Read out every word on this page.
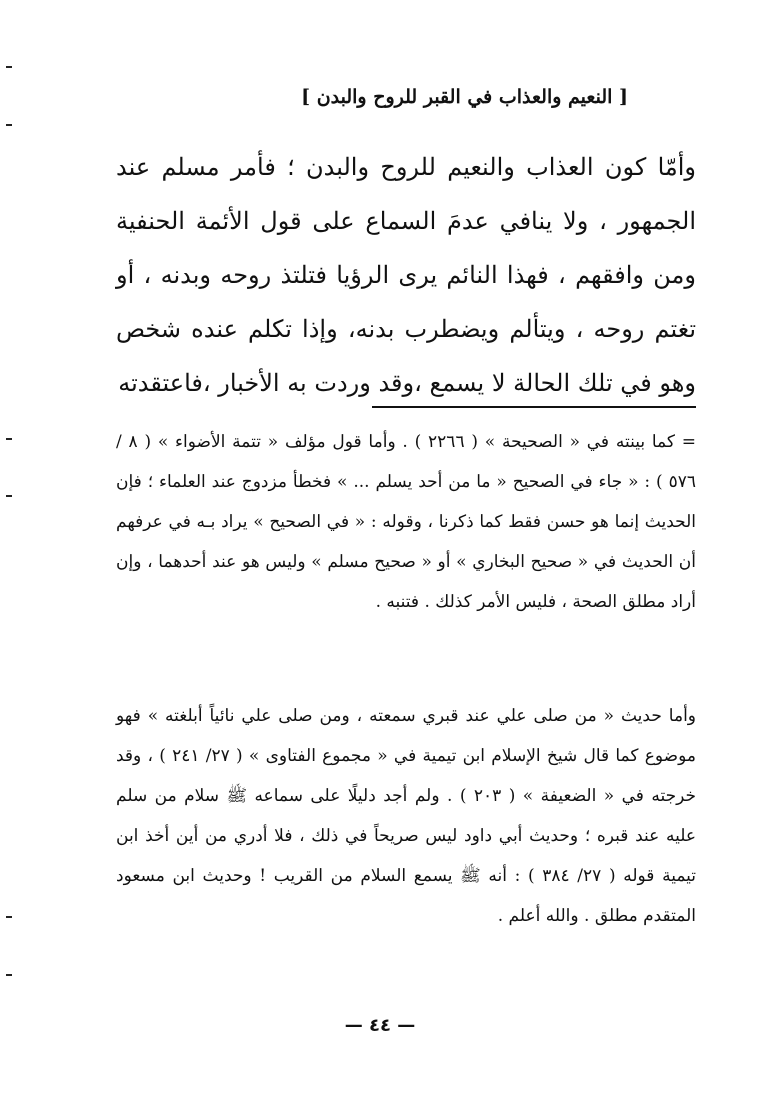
[ النعيم والعذاب في القبر للروح والبدن ]

وأمّا كون العذاب والنعيم للروح والبدن ؛ فأمر مسلم عند الجمهور ، ولا ينافي عدمَ السماع على قول الأئمة الحنفية ومن وافقهم ، فهذا النائم يرى الرؤيا فتلتذ روحه وبدنه ، أو تغتم روحه ، ويتألم ويضطرب بدنه، وإذا تكلم عنده شخص وهو في تلك الحالة لا يسمع ،وقد وردت به الأخبار ،فاعتقدته

= كما بينته في « الصحيحة » ( ٢٢٦٦ ) . وأما قول مؤلف « تتمة الأضواء » ( ٨ / ٥٧٦ ) : « جاء في الصحيح « ما من أحد يسلم ... » فخطأ مزدوج عند العلماء ؛ فإن الحديث إنما هو حسن فقط كما ذكرنا ، وقوله : « في الصحيح » يراد بـه في عرفهم أن الحديث في « صحيح البخاري » أو « صحيح مسلم » وليس هو عند أحدهما ، وإن أراد مطلق الصحة ، فليس الأمر كذلك . فتنبه .

وأما حديث « من صلى علي عند قبري سمعته ، ومن صلى علي نائياً أبلغته » فهو موضوع كما قال شيخ الإسلام ابن تيمية في « مجموع الفتاوى » ( ٢٧/ ٢٤١ ) ، وقد خرجته في « الضعيفة » ( ٢٠٣ ) . ولم أجد دليلًا على سماعه ﷺ سلام من سلم عليه عند قبره ؛ وحديث أبي داود ليس صريحاً في ذلك ، فلا أدري من أين أخذ ابن تيمية قوله ( ٢٧/ ٣٨٤ ) : أنه ﷺ يسمع السلام من القريب ! وحديث ابن مسعود المتقدم مطلق . والله أعلم .

— ٤٤ —
